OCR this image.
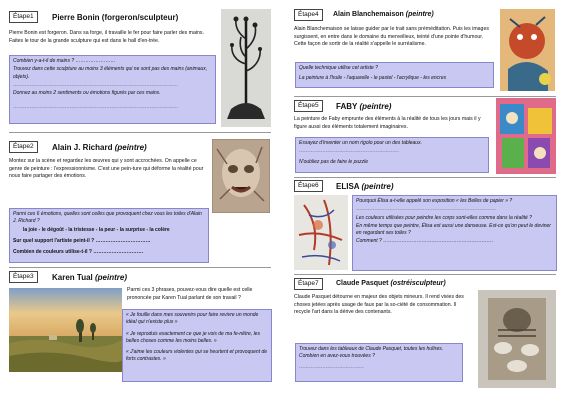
Étape1	Pierre Bonin (forgeron/sculpteur)
Pierre Bonin est forgeron. Dans sa forge, il travaille le fer pour faire parler des mains. Faites le tour de la grande sculpture qui est dans le hall d'en-trée.

Combien y-a-t-il de mains ? ……………………

Trouvez dans cette sculpture au moins 3 éléments qui ne sont pas des mains (animaux, objets).

………………………………………………………………………………………

Donnez au moins 2 sentiments ou émotions figurés par ces mains.

………………………………………………………………………………………

Étape2	Alain J. Richard (peintre)
Montez sur la scène et regardez les œuvres qui y sont accrochées. On appelle ce genre de peinture : l'expressionnisme. C'est une pein-ture qui déforme la réalité pour nous faire partager des émotions.

Parmi ces 6 émotions, quelles sont celles que provoquent chez vous les toiles d'Alain J. Richard ?

la joie - le dégoût - la tristesse - la peur - la surprise - la colère

Sur quel support l'artiste peint-il ? ……………………………

Combien de couleurs utilise-t-il ? …………………………

Étape3	Karen Tual (peintre)
Parmi ces 3 phrases, pouvez-vous dire quelle est celle prononcée par Karen Tual parlant de son travail ?

« Je fouille dans mes souvenirs pour faire revivre un monde idéal qui n'existe plus »

« Je reproduis exactement ce que je vois de ma fe-nêtre, les belles choses comme les moins belles. »

« J'aime les couleurs violentes qui se heurtent et provoquent de forts contrastes. »

Étape4	Alain Blanchemaison (peintre)
Alain Blanchemaison se laisse guider par le trait sans préméditation. Puis les images surgissent, en entre dans le domaine du merveilleux, teinté d'une pointe d'humour. Cette façon de sortir de la réalité s'appelle le surréalisme.

Quelle technique utilise cet artiste ?

La peinture à l'huile - l'aquarelle - le pastel - l'acrylique - les encres

Étape5	FABY (peintre)
La peinture de Faby emprunte des éléments à la réalité de tous les jours mais il y figure aussi des éléments totalement imaginaires.

Essayez d'inventer un nom rigolo pour un des tableaux.

……………………………………………………

N'oubliez pas de faire le puzzle

Étape6	ELISA (peintre)

Pourquoi Élisa a-t-elle appelé son exposition « les Belles de papier » ?

…………………………………………………………………………

Les couleurs utilisées pour peindre les corps sont-elles comme dans la réalité ?

En même temps que peintre, Élisa est aussi une danseuse. Est-ce qu'on peut le deviner en regardant ses toiles ?

Comment ? …………………………………………………………

Étape7	Claude Pasquet (ostréisculpteur)
Claude Pasquet détourne en majeur des objets mineurs. Il rend vivies des choses jetées après usage de faux par la so-ciété de consommation. Il recycle l'art dans la dérive des contenants.

Trouvez dans les tableaux de Claude Pasquet, toutes les huîtres. Combien en avez-vous trouvées ?

…………………………………
